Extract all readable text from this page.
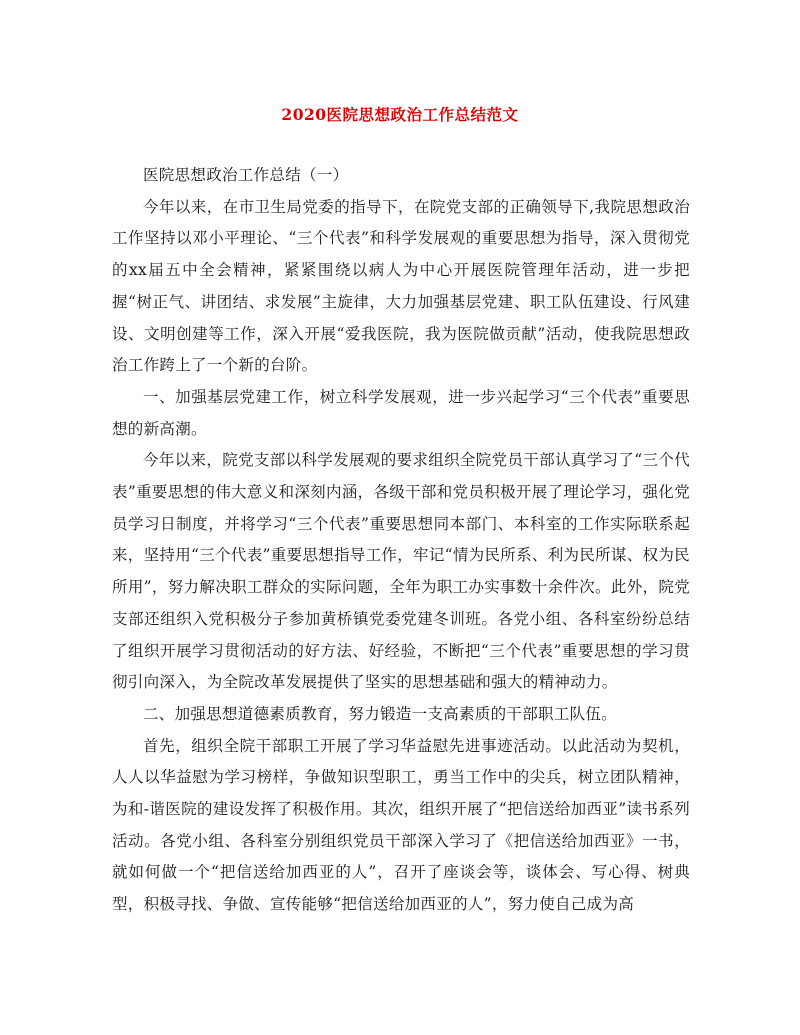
2020医院思想政治工作总结范文

医院思想政治工作总结（一）

今年以来，在市卫生局党委的指导下，在院党支部的正确领导下,我院思想政治工作坚持以邓小平理论、“三个代表”和科学发展观的重要思想为指导，深入贯彻党的xx届五中全会精神，紧紧围绕以病人为中心开展医院管理年活动，进一步把握“树正气、讲团结、求发展”主旋律，大力加强基层党建、职工队伍建设、行风建设、文明创建等工作，深入开展“爱我医院，我为医院做贡献”活动，使我院思想政治工作跨上了一个新的台阶。

一、加强基层党建工作，树立科学发展观，进一步兴起学习“三个代表”重要思想的新高潮。

今年以来，院党支部以科学发展观的要求组织全院党员干部认真学习了“三个代表”重要思想的伟大意义和深刻内涵，各级干部和党员积极开展了理论学习，强化党员学习日制度，并将学习“三个代表”重要思想同本部门、本科室的工作实际联系起来，坚持用“三个代表”重要思想指导工作，牢记“情为民所系、利为民所谋、权为民所用”，努力解决职工群众的实际问题，全年为职工办实事数十余件次。此外，院党支部还组织入党积极分子参加黄桥镇党委党建冬训班。各党小组、各科室纷纷总结了组织开展学习贯彻活动的好方法、好经验，不断把“三个代表”重要思想的学习贯彻引向深入，为全院改革发展提供了坚实的思想基础和强大的精神动力。

二、加强思想道德素质教育，努力锻造一支高素质的干部职工队伍。

首先，组织全院干部职工开展了学习华益慰先进事迹活动。以此活动为契机，人人以华益慰为学习榜样，争做知识型职工，勇当工作中的尖兵，树立团队精神，为和-谐医院的建设发挥了积极作用。其次，组织开展了“把信送给加西亚”读书系列活动。各党小组、各科室分别组织党员干部深入学习了《把信送给加西亚》一书，就如何做一个“把信送给加西亚的人”，召开了座谈会等，谈体会、写心得、树典型，积极寻找、争做、宣传能够“把信送给加西亚的人”，努力使自己成为高
